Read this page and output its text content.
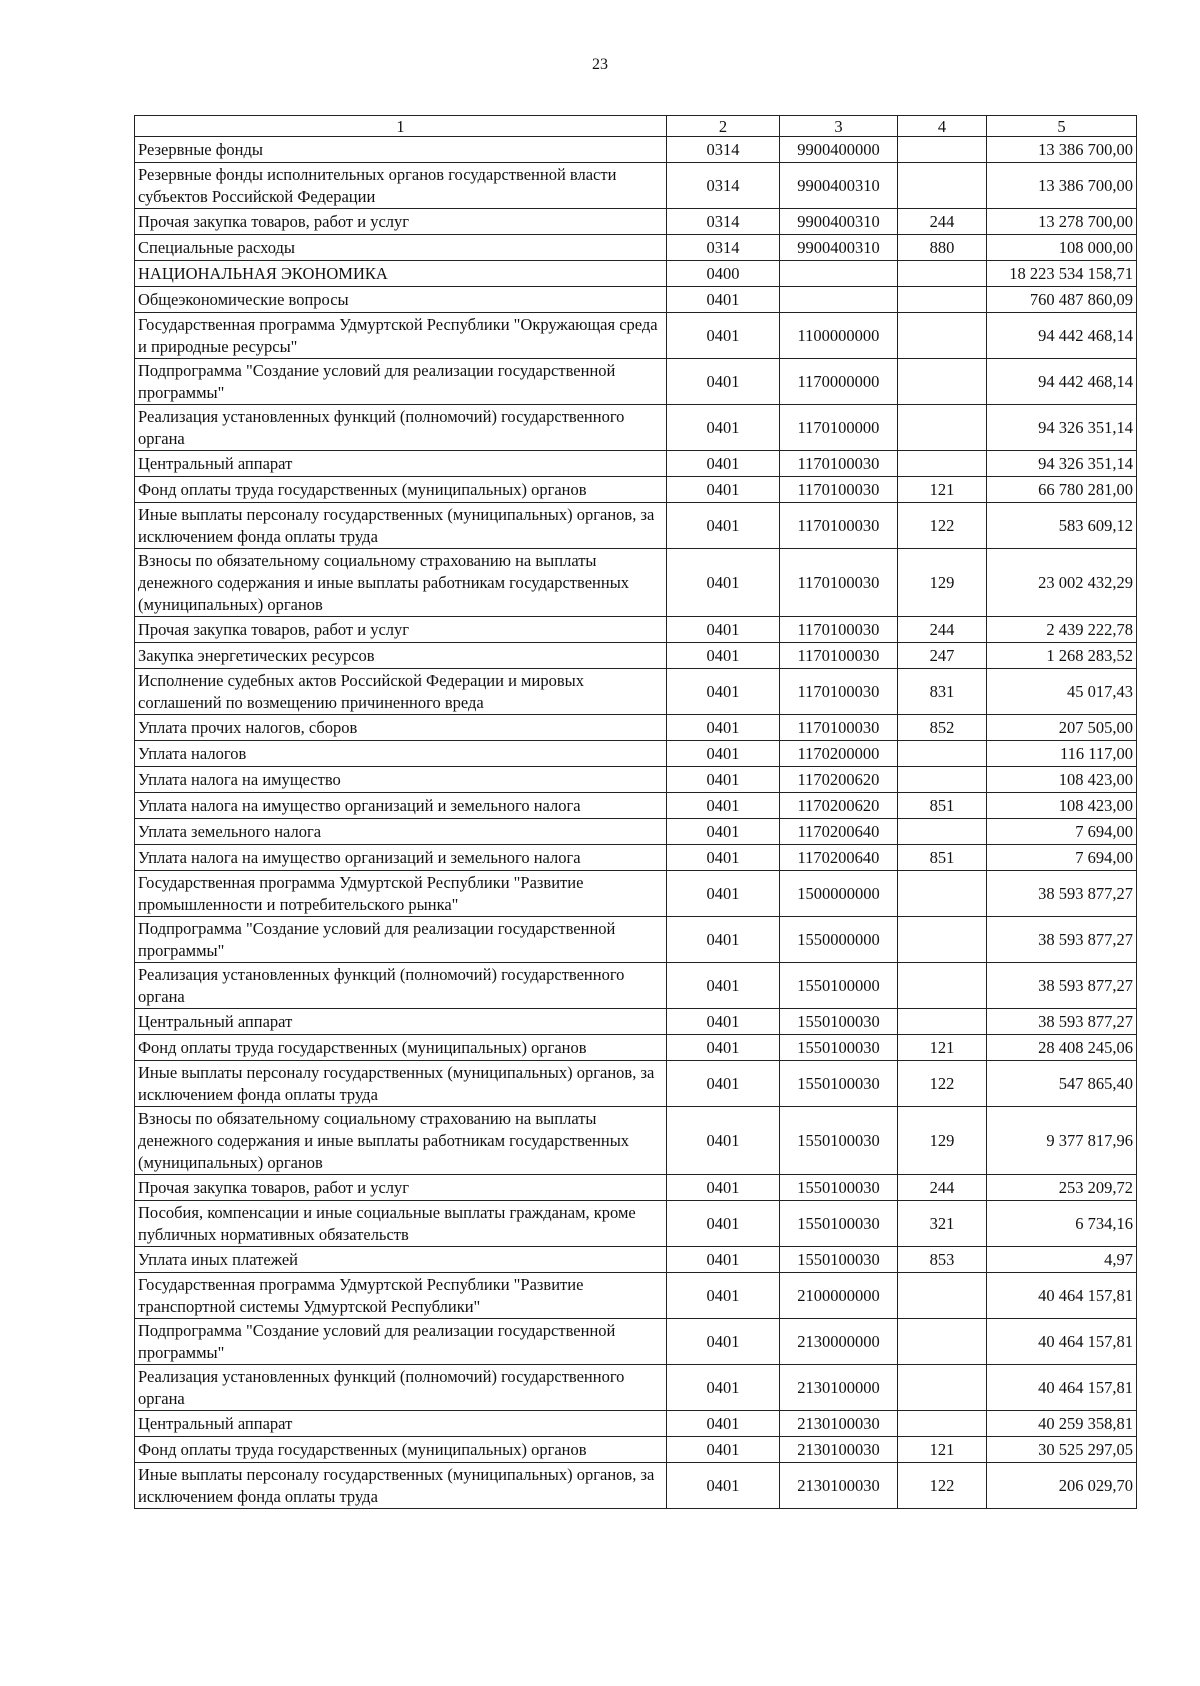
23
1	2	3	4	5
Резервные фонды	0314	9900400000		13 386 700,00
Резервные фонды исполнительных органов государственной власти субъектов Российской Федерации	0314	9900400310		13 386 700,00
Прочая закупка товаров, работ и услуг	0314	9900400310	244	13 278 700,00
Специальные расходы	0314	9900400310	880	108 000,00
НАЦИОНАЛЬНАЯ ЭКОНОМИКА	0400			18 223 534 158,71
Общеэкономические вопросы	0401			760 487 860,09
Государственная программа Удмуртской Республики "Окружающая среда и природные ресурсы"	0401	1100000000		94 442 468,14
Подпрограмма "Создание условий для реализации государственной программы"	0401	1170000000		94 442 468,14
Реализация установленных функций (полномочий) государственного органа	0401	1170100000		94 326 351,14
Центральный аппарат	0401	1170100030		94 326 351,14
Фонд оплаты труда государственных (муниципальных) органов	0401	1170100030	121	66 780 281,00
Иные выплаты персоналу государственных (муниципальных) органов, за исключением фонда оплаты труда	0401	1170100030	122	583 609,12
Взносы по обязательному социальному страхованию на выплаты денежного содержания и иные выплаты работникам государственных (муниципальных) органов	0401	1170100030	129	23 002 432,29
Прочая закупка товаров, работ и услуг	0401	1170100030	244	2 439 222,78
Закупка энергетических ресурсов	0401	1170100030	247	1 268 283,52
Исполнение судебных актов Российской Федерации и мировых соглашений по возмещению причиненного вреда	0401	1170100030	831	45 017,43
Уплата прочих налогов, сборов	0401	1170100030	852	207 505,00
Уплата налогов	0401	1170200000		116 117,00
Уплата налога на имущество	0401	1170200620		108 423,00
Уплата налога на имущество организаций и земельного налога	0401	1170200620	851	108 423,00
Уплата земельного налога	0401	1170200640		7 694,00
Уплата налога на имущество организаций и земельного налога	0401	1170200640	851	7 694,00
Государственная программа Удмуртской Республики "Развитие промышленности и потребительского рынка"	0401	1500000000		38 593 877,27
Подпрограмма "Создание условий для реализации государственной программы"	0401	1550000000		38 593 877,27
Реализация установленных функций (полномочий) государственного органа	0401	1550100000		38 593 877,27
Центральный аппарат	0401	1550100030		38 593 877,27
Фонд оплаты труда государственных (муниципальных) органов	0401	1550100030	121	28 408 245,06
Иные выплаты персоналу государственных (муниципальных) органов, за исключением фонда оплаты труда	0401	1550100030	122	547 865,40
Взносы по обязательному социальному страхованию на выплаты денежного содержания и иные выплаты работникам государственных (муниципальных) органов	0401	1550100030	129	9 377 817,96
Прочая закупка товаров, работ и услуг	0401	1550100030	244	253 209,72
Пособия, компенсации и иные социальные выплаты гражданам, кроме публичных нормативных обязательств	0401	1550100030	321	6 734,16
Уплата иных платежей	0401	1550100030	853	4,97
Государственная программа Удмуртской Республики "Развитие транспортной системы Удмуртской Республики"	0401	2100000000		40 464 157,81
Подпрограмма "Создание условий для реализации государственной программы"	0401	2130000000		40 464 157,81
Реализация установленных функций (полномочий) государственного органа	0401	2130100000		40 464 157,81
Центральный аппарат	0401	2130100030		40 259 358,81
Фонд оплаты труда государственных (муниципальных) органов	0401	2130100030	121	30 525 297,05
Иные выплаты персоналу государственных (муниципальных) органов, за исключением фонда оплаты труда	0401	2130100030	122	206 029,70
